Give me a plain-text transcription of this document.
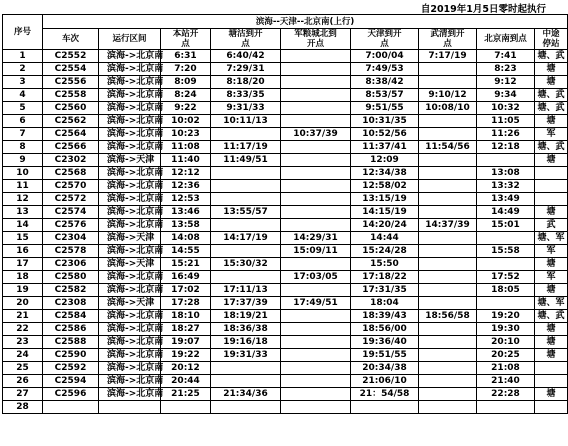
自2019年1月5日零时起执行
序号	滨海--天津--北京南(上行)								
	车次	运行区间	本站开点	塘沽到开点	军粮城北到开点	天津到开点	武清到开点	北京南到点	中途停站
1	C2552	滨海->北京南	6:31	6:40/42		7:00/04	7:17/19	7:41	塘、武
2	C2554	滨海->北京南	7:20	7:29/31		7:49/53		8:23	塘
3	C2556	滨海->北京南	8:09	8:18/20		8:38/42		9:12	塘
4	C2558	滨海->北京南	8:24	8:33/35		8:53/57	9:10/12	9:34	塘、武
5	C2560	滨海->北京南	9:22	9:31/33		9:51/55	10:08/10	10:32	塘、武
6	C2562	滨海->北京南	10:02	10:11/13		10:31/35		11:05	塘
7	C2564	滨海->北京南	10:23		10:37/39	10:52/56		11:26	军
8	C2566	滨海->北京南	11:08	11:17/19		11:37/41	11:54/56	12:18	塘、武
9	C2302	滨海->天津	11:40	11:49/51		12:09			塘
10	C2568	滨海->北京南	12:12			12:34/38		13:08	
11	C2570	滨海->北京南	12:36			12:58/02		13:32	
12	C2572	滨海->北京南	12:53			13:15/19		13:49	
13	C2574	滨海->北京南	13:46	13:55/57		14:15/19		14:49	塘
14	C2576	滨海->北京南	13:58			14:20/24	14:37/39	15:01	武
15	C2304	滨海->天津	14:08	14:17/19	14:29/31	14:44			塘、军
16	C2578	滨海->北京南	14:55		15:09/11	15:24/28		15:58	军
17	C2306	滨海->天津	15:21	15:30/32		15:50			塘
18	C2580	滨海->北京南	16:49		17:03/05	17:18/22		17:52	军
19	C2582	滨海->北京南	17:02	17:11/13		17:31/35		18:05	塘
20	C2308	滨海->天津	17:28	17:37/39	17:49/51	18:04			塘、军
21	C2584	滨海->北京南	18:10	18:19/21		18:39/43	18:56/58	19:20	塘、武
22	C2586	滨海->北京南	18:27	18:36/38		18:56/00		19:30	塘
23	C2588	滨海->北京南	19:07	19:16/18		19:36/40		20:10	塘
24	C2590	滨海->北京南	19:22	19:31/33		19:51/55		20:25	塘
25	C2592	滨海->北京南	20:12			20:34/38		21:08	
26	C2594	滨海->北京南	20:44			21:06/10		21:40	
27	C2596	滨海->北京南	21:25	21:34/36		21：54/58		22:28	塘
28									
